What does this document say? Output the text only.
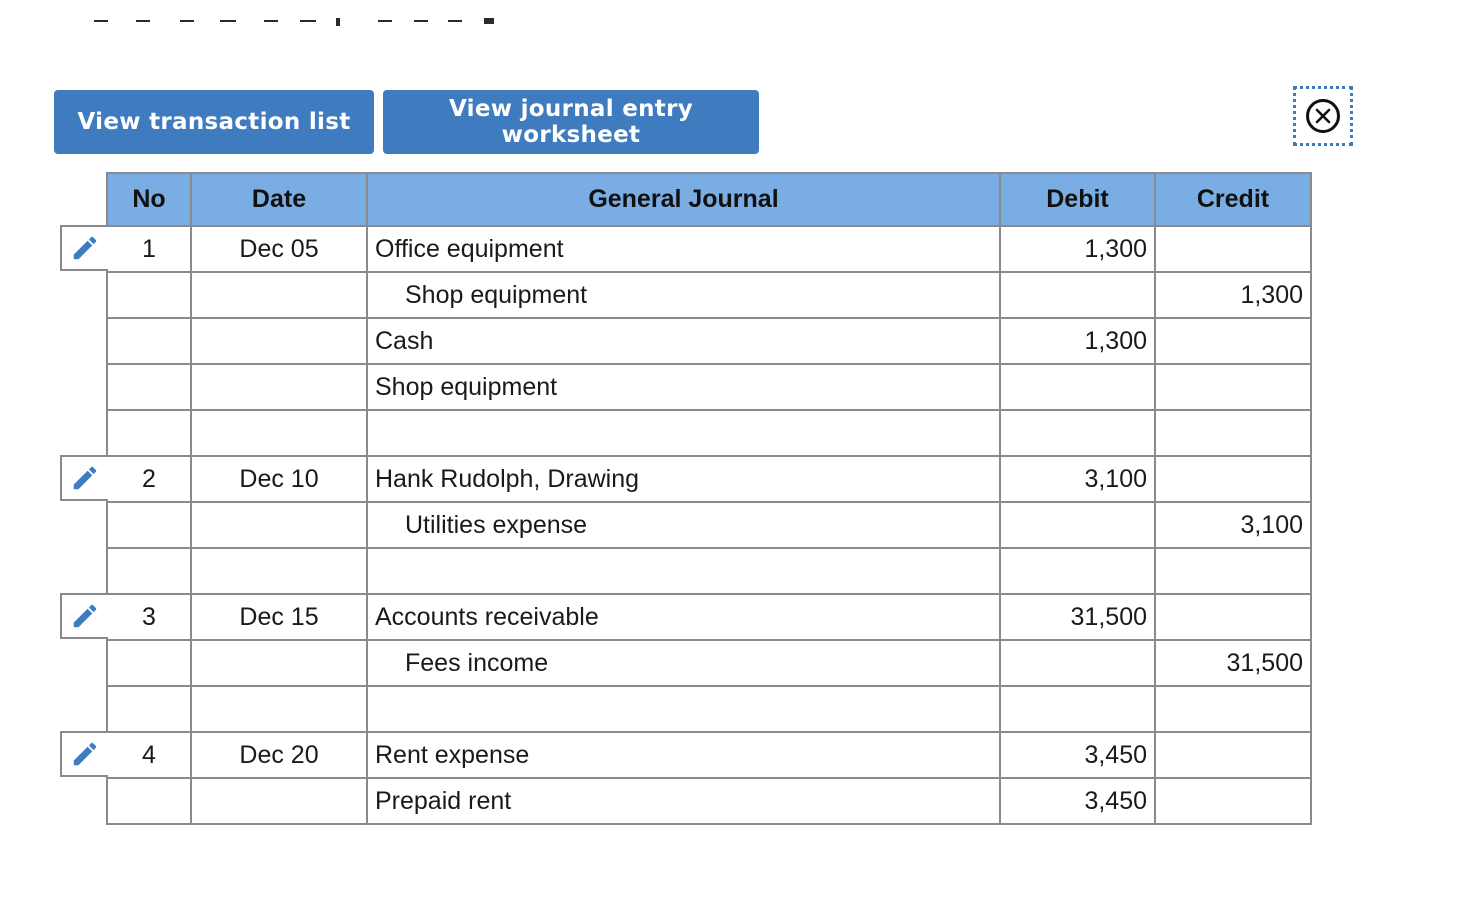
View transaction list	View journal entry worksheet
No	Date	General Journal	Debit	Credit
1	Dec 05	Office equipment	1,300	
		Shop equipment		1,300
		Cash	1,300	
		Shop equipment		

2	Dec 10	Hank Rudolph, Drawing	3,100	
		Utilities expense		3,100

3	Dec 15	Accounts receivable	31,500	
		Fees income		31,500

4	Dec 20	Rent expense	3,450	
		Prepaid rent	3,450	
